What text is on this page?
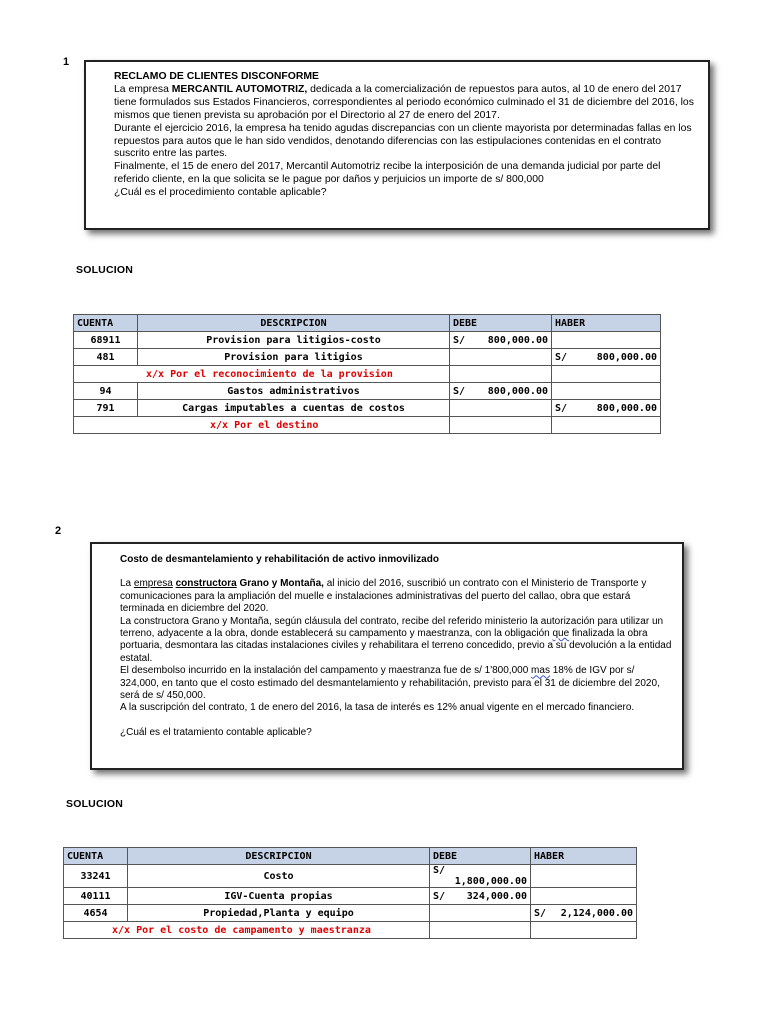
1

RECLAMO DE CLIENTES DISCONFORME

La empresa MERCANTIL AUTOMOTRIZ, dedicada a la comercialización de repuestos para autos, al 10 de enero del 2017 tiene formulados sus Estados Financieros, correspondientes al periodo económico culminado el 31 de diciembre del 2016, los mismos que tienen prevista su aprobación por el Directorio al 27 de enero del 2017.

Durante el ejercicio 2016, la empresa ha tenido agudas discrepancias con un cliente mayorista por determinadas fallas en los repuestos para autos que le han sido vendidos, denotando diferencias con las estipulaciones contenidas en el contrato suscrito entre las partes.

Finalmente, el 15 de enero del 2017, Mercantil Automotriz recibe la interposición de una demanda judicial por parte del referido cliente, en la que solicita se le pague por daños y perjuicios un importe de s/ 800,000

¿Cuál es el procedimiento contable aplicable?

SOLUCION
CUENTA	DESCRIPCION	DEBE	HABER
68911	Provision para litigios-costo	S/ 800,000.00	

481	Provision para litigios		S/ 800,000.00

x/x Por el reconocimiento de la provision			
94	Gastos administrativos	S/ 800,000.00	

791	Cargas imputables a cuentas de costos		S/ 800,000.00

x/x Por el destino			
2

Costo de desmantelamiento y rehabilitación de activo inmovilizado

La empresa constructora Grano y Montaña, al inicio del 2016, suscribió un contrato con el Ministerio de Transporte y comunicaciones para la ampliación del muelle e instalaciones administrativas del puerto del callao, obra que estará terminada en diciembre del 2020.

La constructora Grano y Montaña, según cláusula del contrato, recibe del referido ministerio la autorización para utilizar un terreno, adyacente a la obra, donde establecerá su campamento y maestranza, con la obligación que finalizada la obra portuaria, desmontara las citadas instalaciones civiles y rehabilitara el terreno concedido, previo a su devolución a la entidad estatal.

El desembolso incurrido en la instalación del campamento y maestranza fue de s/ 1'800,000 mas 18% de IGV por s/ 324,000, en tanto que el costo estimado del desmantelamiento y rehabilitación, previsto para el 31 de diciembre del 2020, será de s/ 450,000.

A la suscripción del contrato, 1 de enero del 2016, la tasa de interés es 12% anual vigente en el mercado financiero.

¿Cuál es el tratamiento contable aplicable?

SOLUCION
CUENTA	DESCRIPCION	DEBE	HABER
33241	Costo	S/
1,800,000.00	

40111	IGV-Cuenta propias	S/ 324,000.00	

4654	Propiedad,Planta y equipo		S/ 2,124,000.00

x/x Por el costo de campamento y maestranza			
